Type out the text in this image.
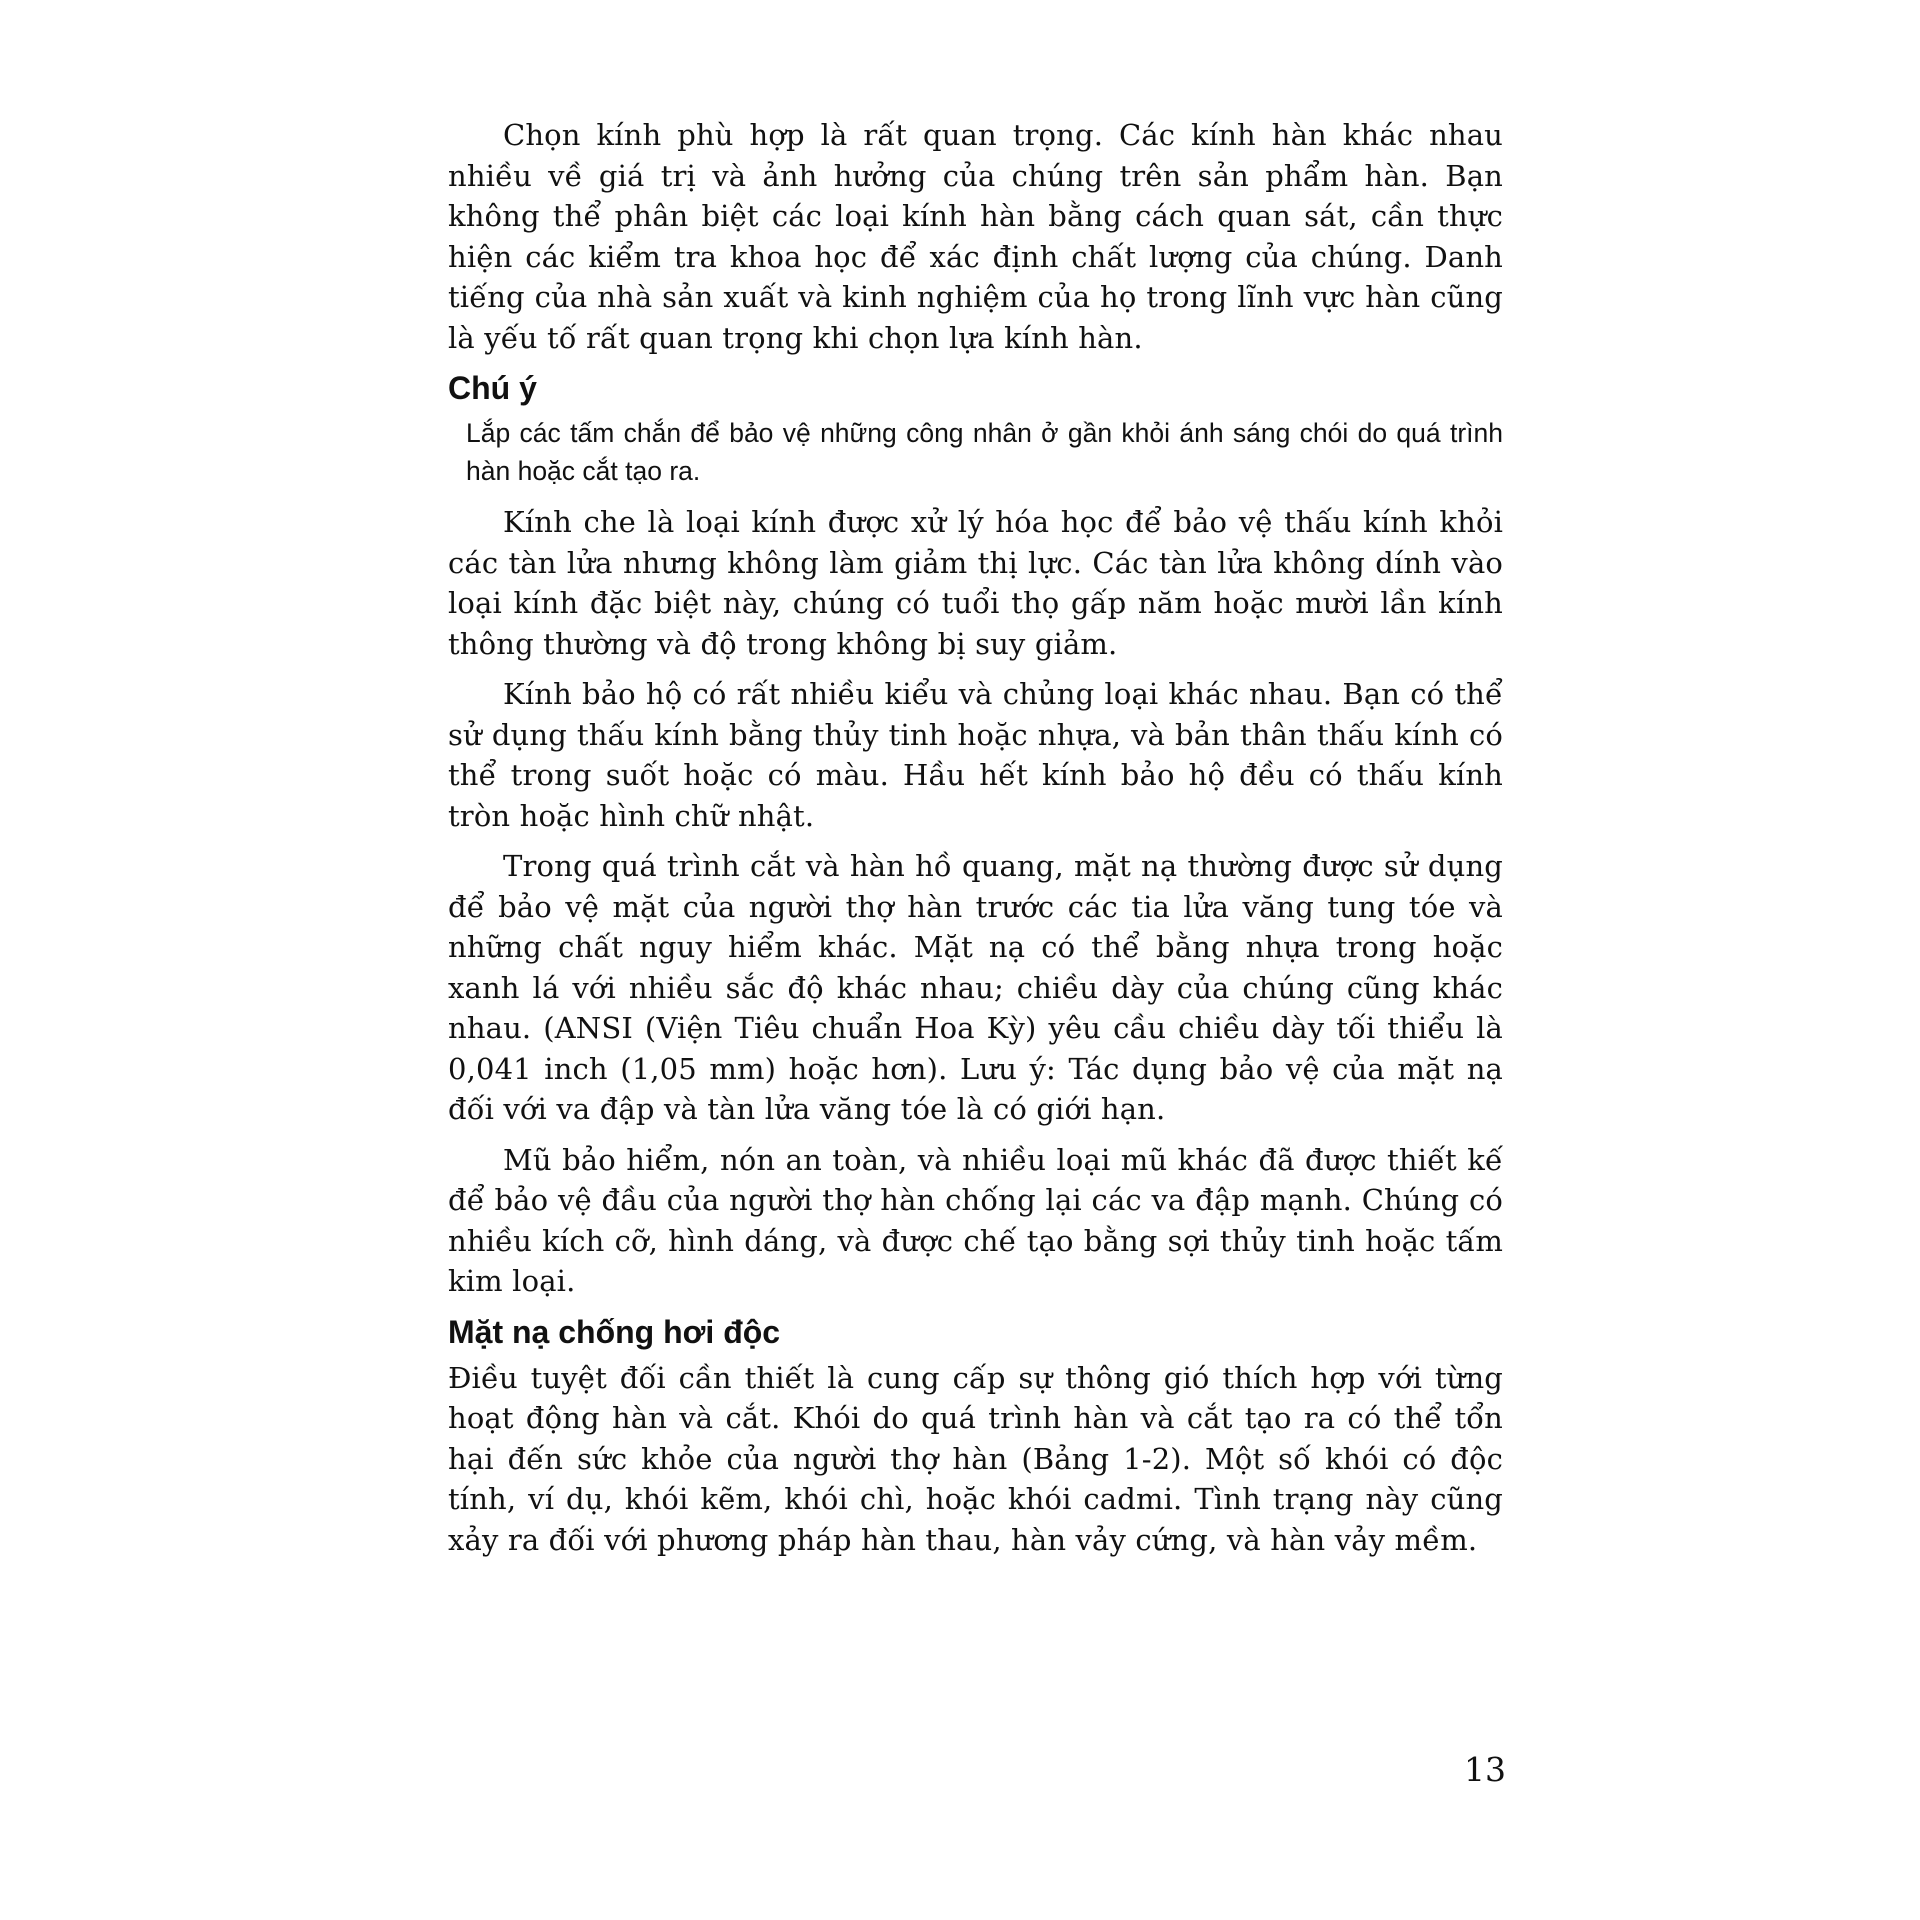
Chọn kính phù hợp là rất quan trọng. Các kính hàn khác nhau nhiều về giá trị và ảnh hưởng của chúng trên sản phẩm hàn. Bạn không thể phân biệt các loại kính hàn bằng cách quan sát, cần thực hiện các kiểm tra khoa học để xác định chất lượng của chúng. Danh tiếng của nhà sản xuất và kinh nghiệm của họ trong lĩnh vực hàn cũng là yếu tố rất quan trọng khi chọn lựa kính hàn.

Chú ý

Lắp các tấm chắn để bảo vệ những công nhân ở gần khỏi ánh sáng chói do quá trình hàn hoặc cắt tạo ra.

Kính che là loại kính được xử lý hóa học để bảo vệ thấu kính khỏi các tàn lửa nhưng không làm giảm thị lực. Các tàn lửa không dính vào loại kính đặc biệt này, chúng có tuổi thọ gấp năm hoặc mười lần kính thông thường và độ trong không bị suy giảm.

Kính bảo hộ có rất nhiều kiểu và chủng loại khác nhau. Bạn có thể sử dụng thấu kính bằng thủy tinh hoặc nhựa, và bản thân thấu kính có thể trong suốt hoặc có màu. Hầu hết kính bảo hộ đều có thấu kính tròn hoặc hình chữ nhật.

Trong quá trình cắt và hàn hồ quang, mặt nạ thường được sử dụng để bảo vệ mặt của người thợ hàn trước các tia lửa văng tung tóe và những chất nguy hiểm khác. Mặt nạ có thể bằng nhựa trong hoặc xanh lá với nhiều sắc độ khác nhau; chiều dày của chúng cũng khác nhau. (ANSI (Viện Tiêu chuẩn Hoa Kỳ) yêu cầu chiều dày tối thiểu là 0,041 inch (1,05 mm) hoặc hơn). Lưu ý: Tác dụng bảo vệ của mặt nạ đối với va đập và tàn lửa văng tóe là có giới hạn.

Mũ bảo hiểm, nón an toàn, và nhiều loại mũ khác đã được thiết kế để bảo vệ đầu của người thợ hàn chống lại các va đập mạnh. Chúng có nhiều kích cỡ, hình dáng, và được chế tạo bằng sợi thủy tinh hoặc tấm kim loại.

Mặt nạ chống hơi độc

Điều tuyệt đối cần thiết là cung cấp sự thông gió thích hợp với từng hoạt động hàn và cắt. Khói do quá trình hàn và cắt tạo ra có thể tổn hại đến sức khỏe của người thợ hàn (Bảng 1-2). Một số khói có độc tính, ví dụ, khói kẽm, khói chì, hoặc khói cadmi. Tình trạng này cũng xảy ra đối với phương pháp hàn thau, hàn vảy cứng, và hàn vảy mềm.

13
